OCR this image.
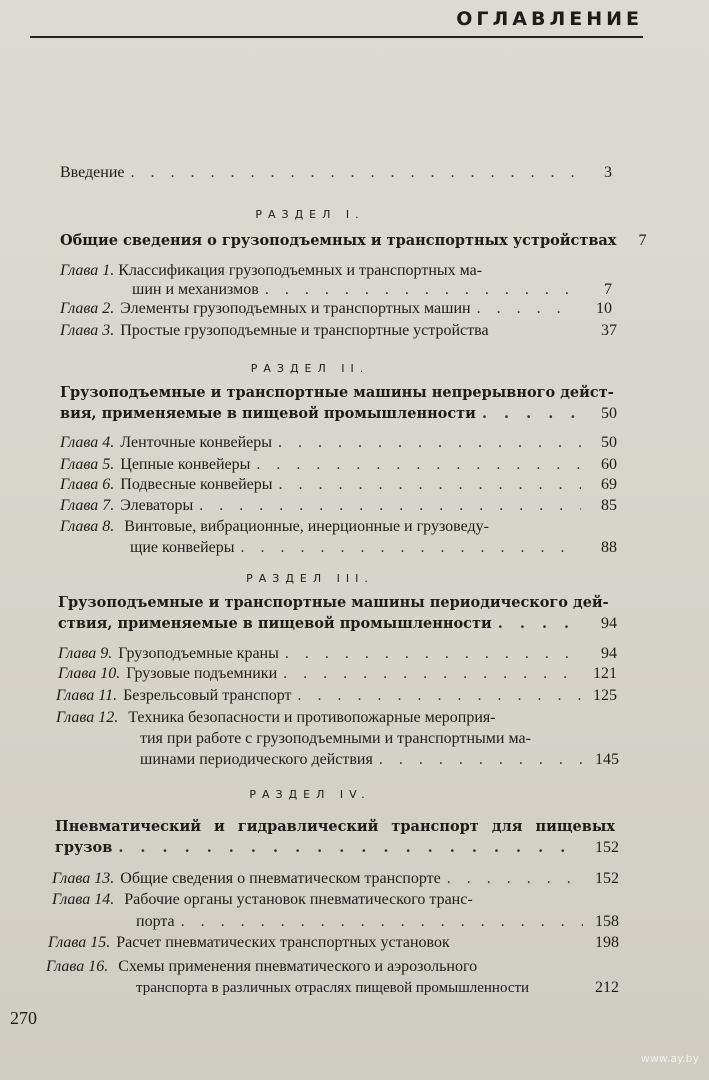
ОГЛАВЛЕНИЕ
Введение . . .	3
РАЗДЕЛ I.
Общие сведения о грузоподъемных и транспортных устройствах	7
Глава 1. Классификация грузоподъемных и транспортных ма-
шин и механизмов . . .	7
Глава 2. Элементы грузоподъемных и транспортных машин . . .	10
Глава 3. Простые грузоподъемные и транспортные устройства	37
РАЗДЕЛ II.
Грузоподъемные и транспортные машины непрерывного дейст-
вия, применяемые в пищевой промышленности . . .	50
Глава 4. Ленточные конвейеры . . .	50
Глава 5. Цепные конвейеры . . .	60
Глава 6. Подвесные конвейеры . . .	69
Глава 7. Элеваторы . . .	85
Глава 8. Винтовые, вибрационные, инерционные и грузоведу-
щие конвейеры . . .	88
РАЗДЕЛ III.
Грузоподъемные и транспортные машины периодического дей-
ствия, применяемые в пищевой промышленности . . .	94
Глава 9. Грузоподъемные краны . . .	94
Глава 10. Грузовые подъемники . . .	121
Глава 11. Безрельсовый транспорт . . .	125
Глава 12. Техника безопасности и противопожарные мероприя-
тия при работе с грузоподъемными и транспортными ма-
шинами периодического действия . . .	145
РАЗДЕЛ IV.
Пневматический и гидравлический транспорт для пищевых
грузов . . .	152
Глава 13. Общие сведения о пневматическом транспорте . . .	152
Глава 14. Рабочие органы установок пневматического транс-
порта . . .	158
Глава 15. Расчет пневматических транспортных установок	198
Глава 16. Схемы применения пневматического и аэрозольного
транспорта в различных отраслях пищевой промышленности	212
270
www.ay.by
